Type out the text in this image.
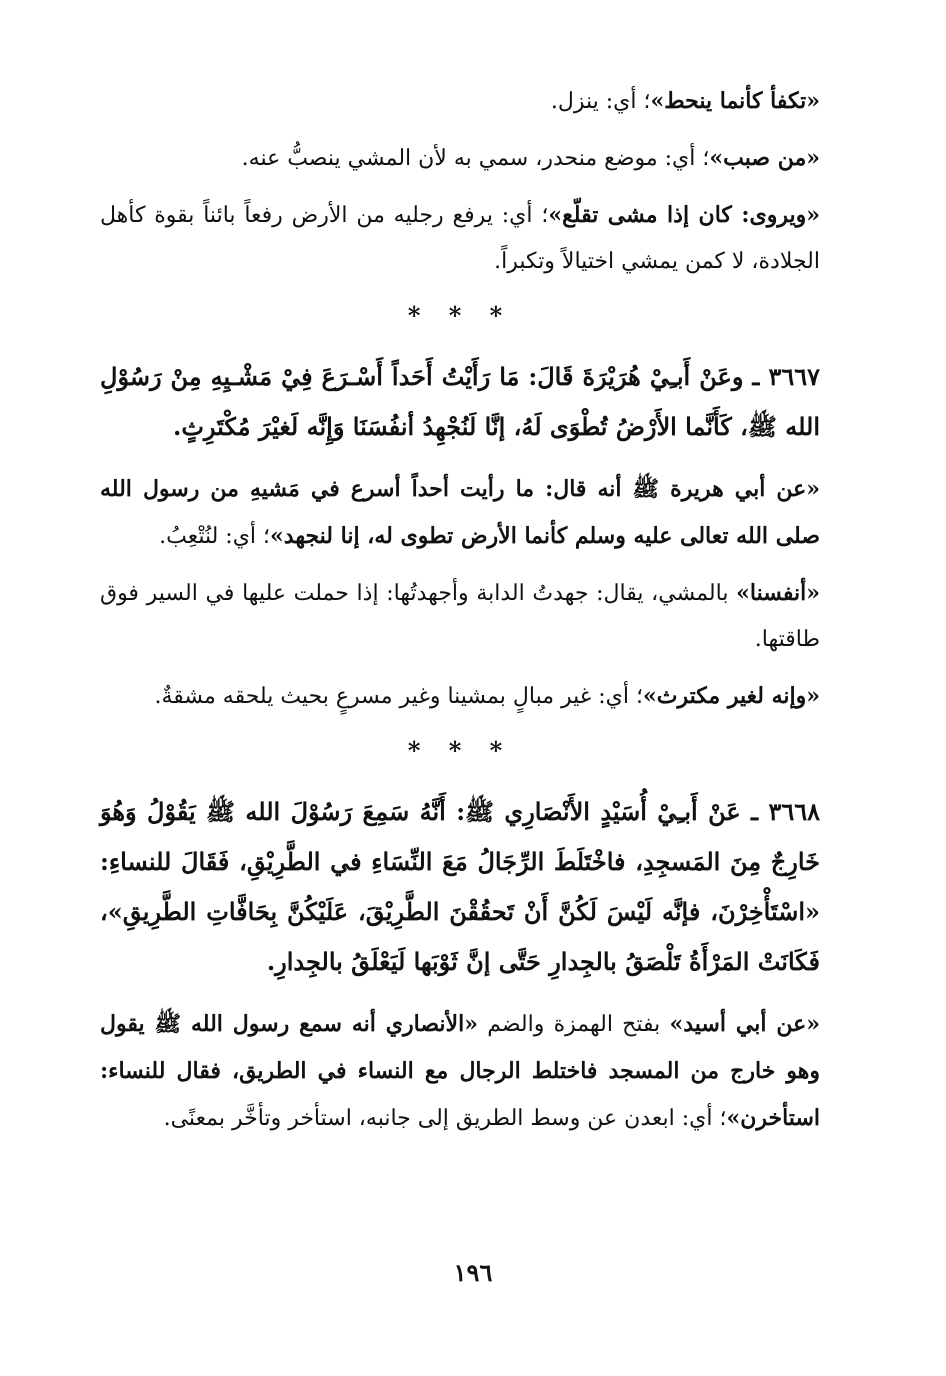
«تكفأ كأنما ينحط»؛ أي: ينزل.

«من صبب»؛ أي: موضع منحدر، سمي به لأن المشي ينصبُّ عنه.

«ويروى: كان إذا مشى تقلّع»؛ أي: يرفع رجليه من الأرض رفعاً بائناً بقوة كأهل الجلادة، لا كمن يمشي اختيالاً وتكبراً.

* * *

٣٦٦٧ ـ وعَنْ أَبـِيْ هُرَيْرَةَ قَالَ: مَا رَأَيْتُ أَحَداً أَسْـرَعَ فِيْ مَشْـيِهِ مِنْ رَسُوْلِ الله ﷺ، كَأَنَّما الأَرْضُ تُطْوَى لَهُ، إنَّا لَنُجْهِدُ أنفُسَنَا وَإِنَّه لَغيْرَ مُكْتَرِثٍ.

«عن أبي هريرة ﷺ أنه قال: ما رأيت أحداً أسرع في مَشيهِ من رسول الله صلى الله تعالى عليه وسلم كأنما الأرض تطوى له، إنا لنجهد»؛ أي: لنُتْعِبُ.

«أنفسنا» بالمشي، يقال: جهدتُ الدابة وأجهدتُها: إذا حملت عليها في السير فوق طاقتها.

«وإنه لغير مكترث»؛ أي: غير مبالٍ بمشينا وغير مسرعٍ بحيث يلحقه مشقةٌ.

* * *

٣٦٦٨ ـ عَنْ أَبـِيْ أُسَيْدٍ الأَنْصَارِي ﷺ: أَنَّهُ سَمِعَ رَسُوْلَ الله ﷺ يَقُوْلُ وَهُوَ خَارِجٌ مِنَ المَسجِدِ، فاخْتَلَطَ الرِّجَالُ مَعَ النِّسَاءِ في الطَّرِيْقِ، فَقَالَ للنساءِ: «اسْتَأْخِرْنَ، فإنَّه لَيْسَ لَكُنَّ أَنْ تَحقُقْنَ الطَّرِيْقَ، عَلَيْكُنَّ بِحَافَّاتِ الطَّرِيقِ»، فَكَانَتْ المَرْأَةُ تَلْصَقُ بالجِدارِ حَتَّى إنَّ ثَوْبَها لَيَعْلَقُ بالجِدارِ.

«عن أبي أسيد» بفتح الهمزة والضم «الأنصاري أنه سمع رسول الله ﷺ يقول وهو خارج من المسجد فاختلط الرجال مع النساء في الطريق، فقال للنساء: استأخرن»؛ أي: ابعدن عن وسط الطريق إلى جانبه، استأخر وتأخَّر بمعنًى.

١٩٦
